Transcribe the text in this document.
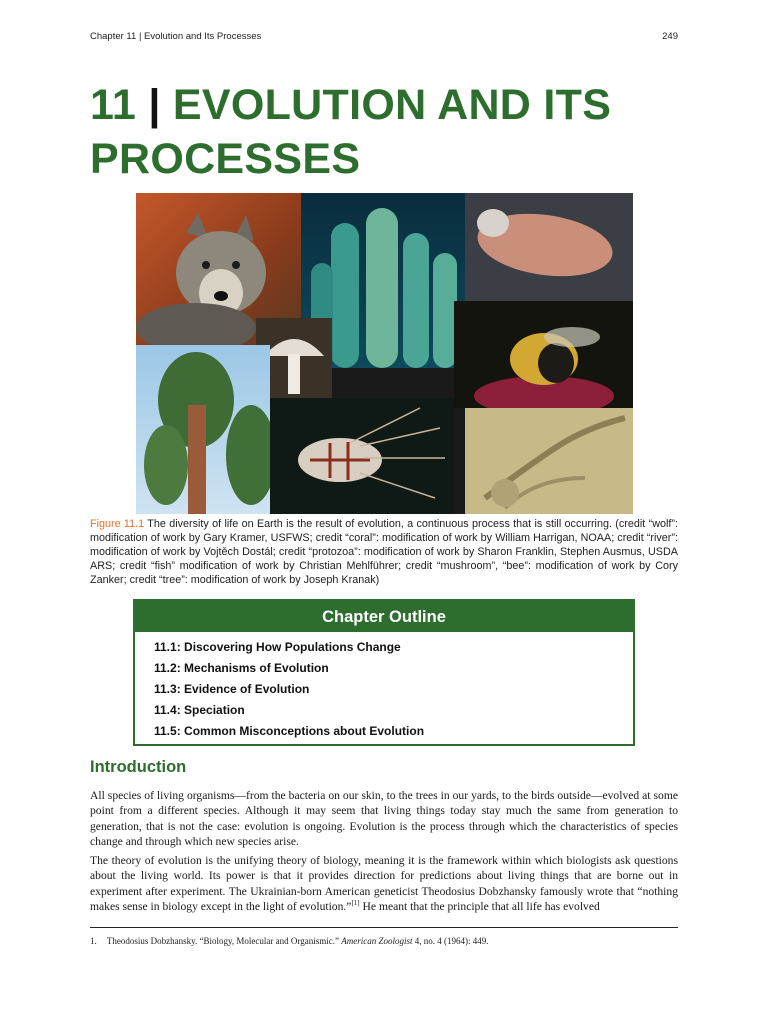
Chapter 11 | Evolution and Its Processes	249
11 | EVOLUTION AND ITS
PROCESSES
Figure 11.1 The diversity of life on Earth is the result of evolution, a continuous process that is still occurring. (credit “wolf”: modification of work by Gary Kramer, USFWS; credit “coral”: modification of work by William Harrigan, NOAA; credit “river”: modification of work by Vojtěch Dostál; credit “protozoa”: modification of work by Sharon Franklin, Stephen Ausmus, USDA ARS; credit “fish” modification of work by Christian Mehlführer; credit “mushroom”, “bee”: modification of work by Cory Zanker; credit “tree”: modification of work by Joseph Kranak)
Chapter Outline
11.1: Discovering How Populations Change
11.2: Mechanisms of Evolution
11.3: Evidence of Evolution
11.4: Speciation
11.5: Common Misconceptions about Evolution
Introduction

All species of living organisms—from the bacteria on our skin, to the trees in our yards, to the birds outside—evolved at some point from a different species. Although it may seem that living things today stay much the same from generation to generation, that is not the case: evolution is ongoing. Evolution is the process through which the characteristics of species change and through which new species arise.

The theory of evolution is the unifying theory of biology, meaning it is the framework within which biologists ask questions about the living world. Its power is that it provides direction for predictions about living things that are borne out in experiment after experiment. The Ukrainian-born American geneticist Theodosius Dobzhansky famously wrote that “nothing makes sense in biology except in the light of evolution.”[1] He meant that the principle that all life has evolved

1. Theodosius Dobzhansky. “Biology, Molecular and Organismic.” American Zoologist 4, no. 4 (1964): 449.
